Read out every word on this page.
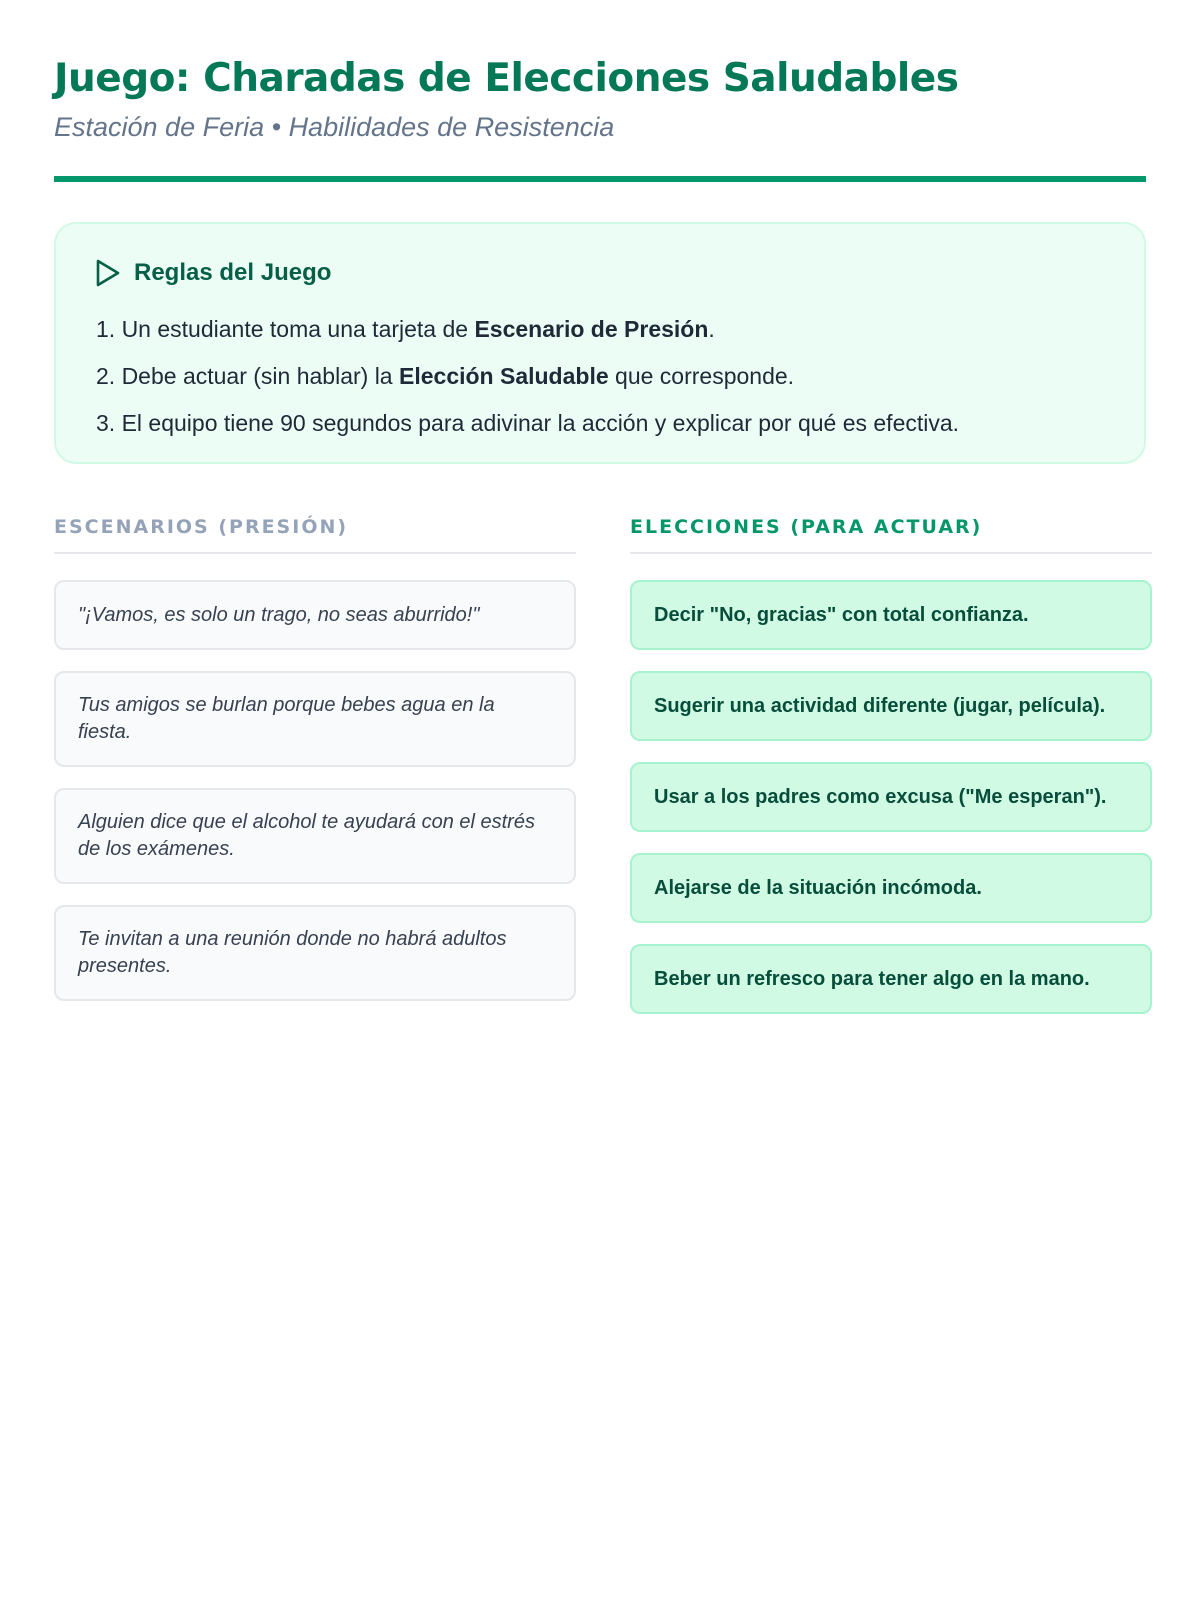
Juego: Charadas de Elecciones Saludables
Estación de Feria • Habilidades de Resistencia
Reglas del Juego
1. Un estudiante toma una tarjeta de Escenario de Presión.
2. Debe actuar (sin hablar) la Elección Saludable que corresponde.
3. El equipo tiene 90 segundos para adivinar la acción y explicar por qué es efectiva.
ESCENARIOS (PRESIÓN)
"¡Vamos, es solo un trago, no seas aburrido!"
Tus amigos se burlan porque bebes agua en la fiesta.
Alguien dice que el alcohol te ayudará con el estrés de los exámenes.
Te invitan a una reunión donde no habrá adultos presentes.
ELECCIONES (PARA ACTUAR)
Decir "No, gracias" con total confianza.
Sugerir una actividad diferente (jugar, película).
Usar a los padres como excusa ("Me esperan").
Alejarse de la situación incómoda.
Beber un refresco para tener algo en la mano.
